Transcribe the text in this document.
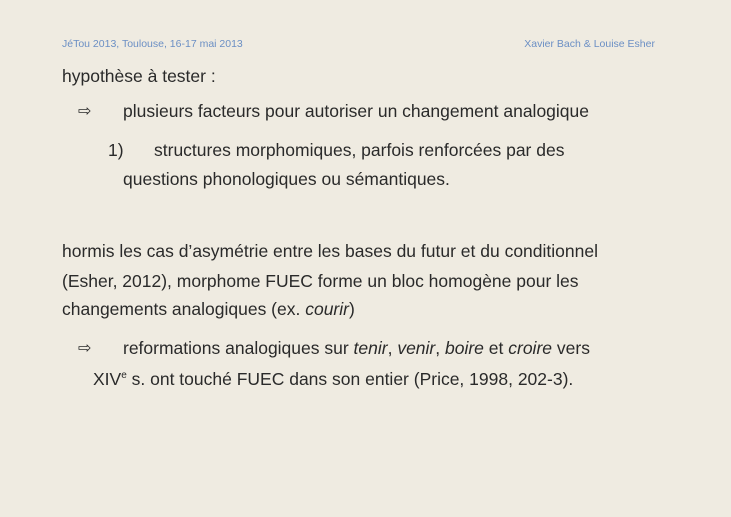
JéTou 2013, Toulouse, 16-17 mai 2013	Xavier Bach & Louise Esher
hypothèse à tester :
⇨ plusieurs facteurs pour autoriser un changement analogique
1) structures morphomiques, parfois renforcées par des
questions phonologiques ou sémantiques.
hormis les cas d’asymétrie entre les bases du futur et du conditionnel
(Esher, 2012), morphome FUEC forme un bloc homogène pour les
changements analogiques (ex. courir)
⇨ reformations analogiques sur tenir, venir, boire et croire vers
XIVe s. ont touché FUEC dans son entier (Price, 1998, 202-3).
